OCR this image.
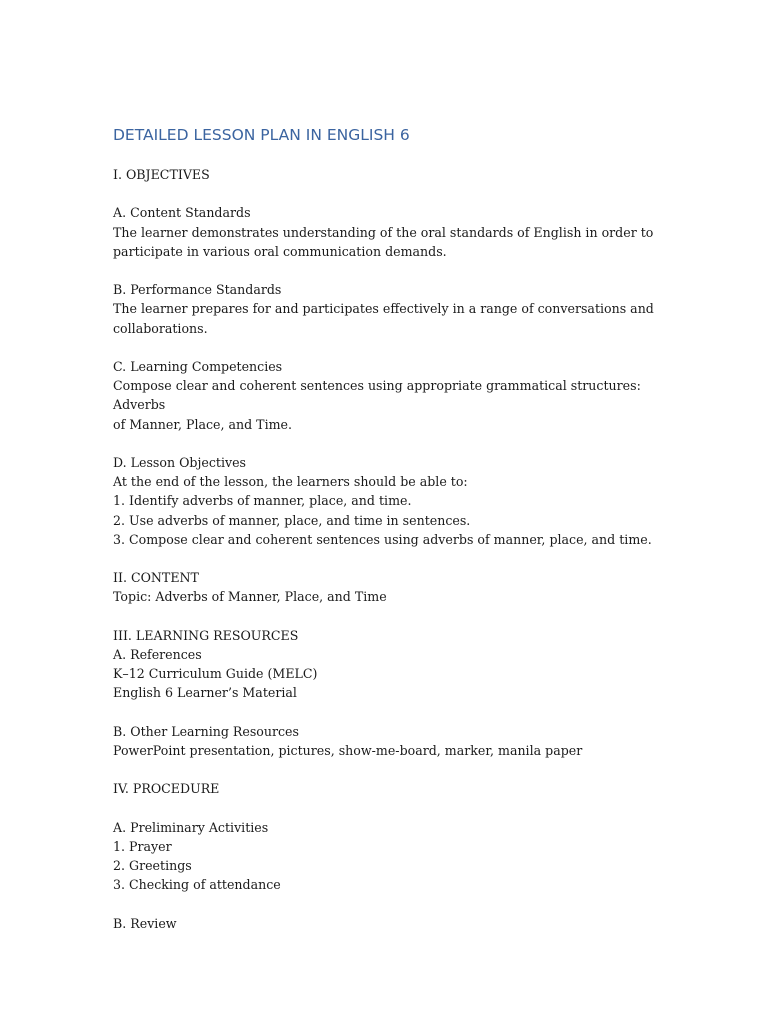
DETAILED LESSON PLAN IN ENGLISH 6

I. OBJECTIVES

A. Content Standards

The learner demonstrates understanding of the oral standards of English in order to

participate in various oral communication demands.

B. Performance Standards

The learner prepares for and participates effectively in a range of conversations and

collaborations.

C. Learning Competencies

Compose clear and coherent sentences using appropriate grammatical structures: Adverbs

of Manner, Place, and Time.

D. Lesson Objectives

At the end of the lesson, the learners should be able to:

1. Identify adverbs of manner, place, and time.

2. Use adverbs of manner, place, and time in sentences.

3. Compose clear and coherent sentences using adverbs of manner, place, and time.

II. CONTENT

Topic: Adverbs of Manner, Place, and Time

III. LEARNING RESOURCES

A. References

K–12 Curriculum Guide (MELC)

English 6 Learner’s Material

B. Other Learning Resources

PowerPoint presentation, pictures, show-me-board, marker, manila paper

IV. PROCEDURE

A. Preliminary Activities

1. Prayer

2. Greetings

3. Checking of attendance

B. Review
